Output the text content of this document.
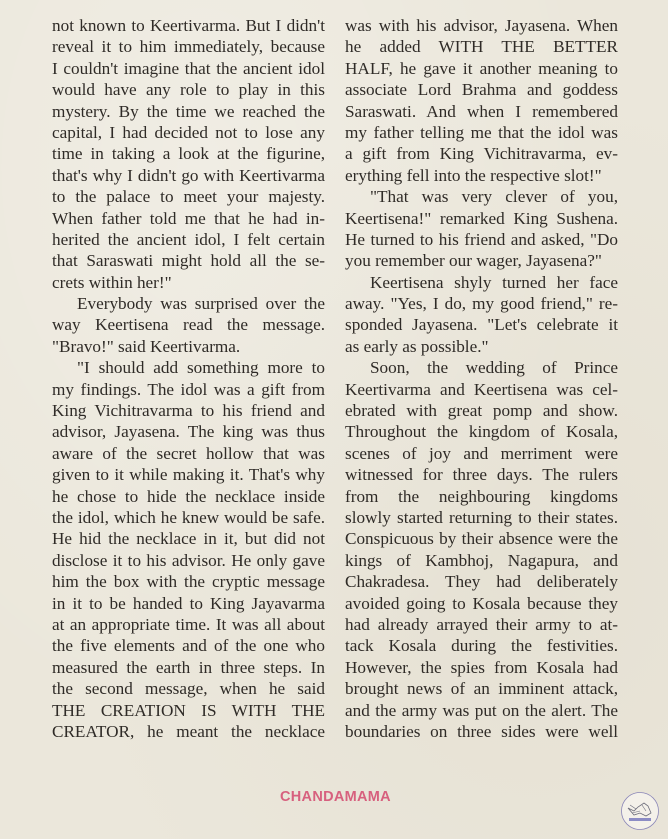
not known to Keertivarma. But I didn't
reveal it to him immediately, because
I couldn't imagine that the ancient idol
would have any role to play in this
mystery. By the time we reached the
capital, I had decided not to lose any
time in taking a look at the figurine,
that's why I didn't go with Keertivarma
to the palace to meet your majesty.
When father told me that he had in-
herited the ancient idol, I felt certain
that Saraswati might hold all the se-
crets within her!"
Everybody was surprised over the
way Keertisena read the message.
"Bravo!" said Keertivarma.
"I should add something more to
my findings. The idol was a gift from
King Vichitravarma to his friend and
advisor, Jayasena. The king was thus
aware of the secret hollow that was
given to it while making it. That's why
he chose to hide the necklace inside
the idol, which he knew would be safe.
He hid the necklace in it, but did not
disclose it to his advisor. He only gave
him the box with the cryptic message
in it to be handed to King Jayavarma
at an appropriate time. It was all about
the five elements and of the one who
measured the earth in three steps. In
the second message, when he said
THE CREATION IS WITH THE
CREATOR, he meant the necklace
was with his advisor, Jayasena. When
he added WITH THE BETTER
HALF, he gave it another meaning to
associate Lord Brahma and goddess
Saraswati. And when I remembered
my father telling me that the idol was
a gift from King Vichitravarma, ev-
erything fell into the respective slot!"
"That was very clever of you,
Keertisena!" remarked King Sushena.
He turned to his friend and asked, "Do
you remember our wager, Jayasena?"
Keertisena shyly turned her face
away. "Yes, I do, my good friend," re-
sponded Jayasena. "Let's celebrate it
as early as possible."
Soon, the wedding of Prince
Keertivarma and Keertisena was cel-
ebrated with great pomp and show.
Throughout the kingdom of Kosala,
scenes of joy and merriment were
witnessed for three days. The rulers
from the neighbouring kingdoms
slowly started returning to their states.
Conspicuous by their absence were the
kings of Kambhoj, Nagapura, and
Chakradesa. They had deliberately
avoided going to Kosala because they
had already arrayed their army to at-
tack Kosala during the festivities.
However, the spies from Kosala had
brought news of an imminent attack,
and the army was put on the alert. The
boundaries on three sides were well
CHANDAMAMA
